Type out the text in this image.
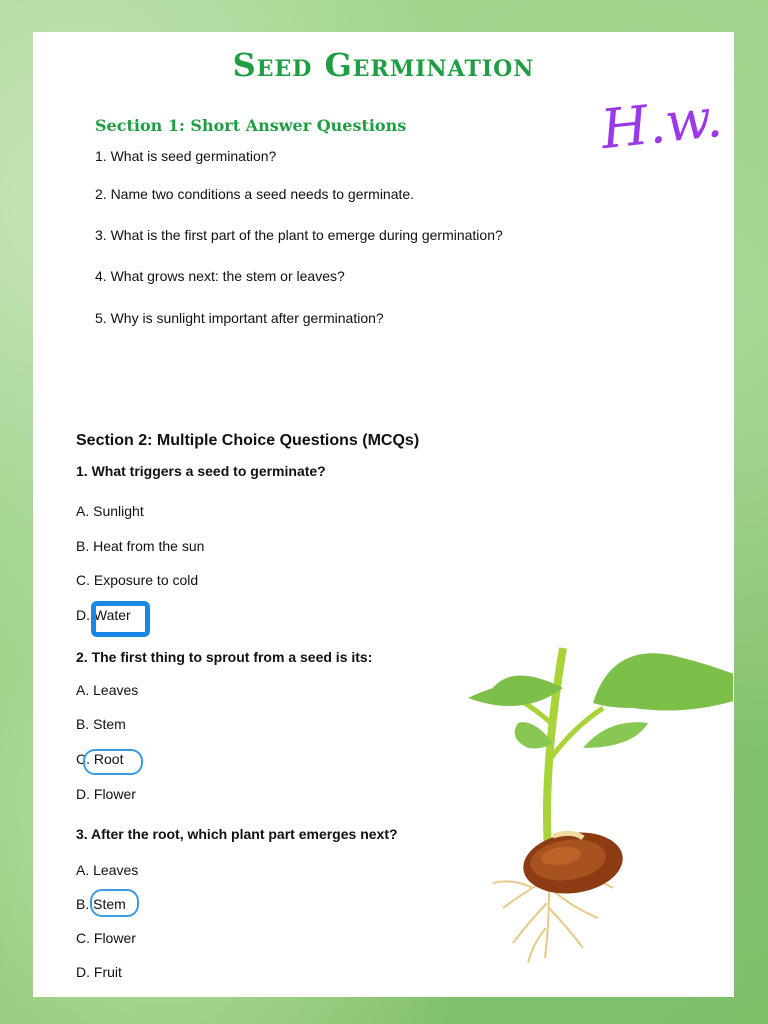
Seed Germination
H.w.
Section 1: Short Answer Questions
1. What is seed germination?
2. Name two conditions a seed needs to germinate.
3. What is the first part of the plant to emerge during germination?
4. What grows next: the stem or leaves?
5. Why is sunlight important after germination?
Section 2: Multiple Choice Questions (MCQs)
1. What triggers a seed to germinate?
A. Sunlight
B. Heat from the sun
C. Exposure to cold
D. Water
2. The first thing to sprout from a seed is its:
A. Leaves
B. Stem
C. Root
D. Flower
3. After the root, which plant part emerges next?
A. Leaves
B. Stem
C. Flower
D. Fruit
